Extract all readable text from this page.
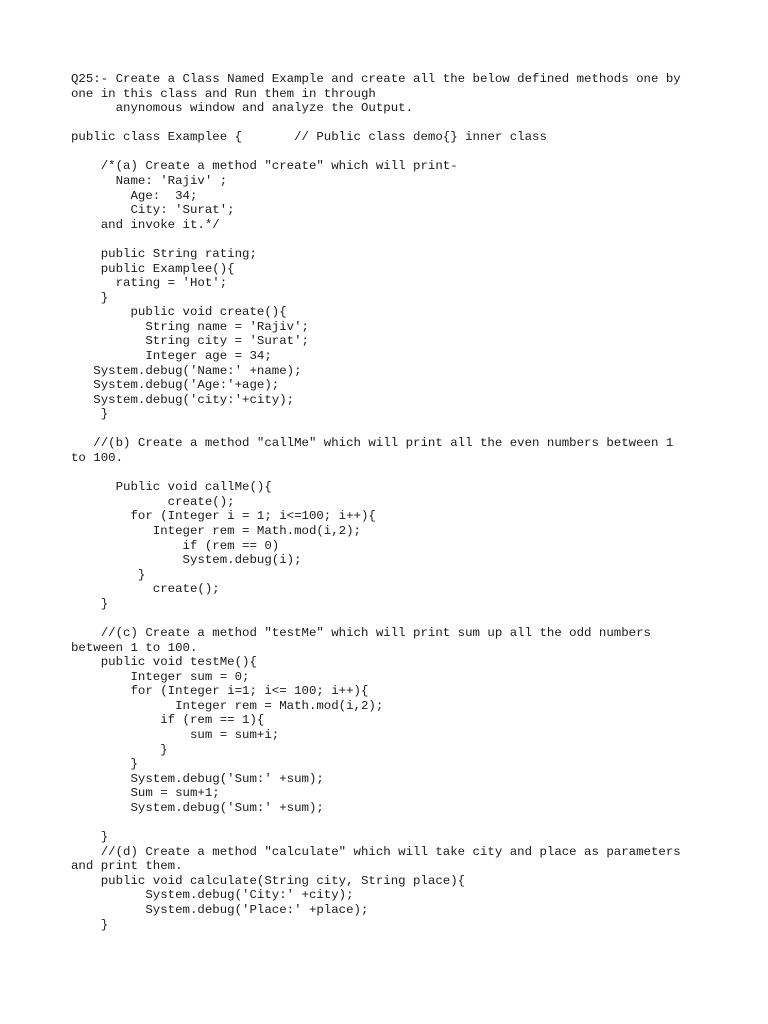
Q25:- Create a Class Named Example and create all the below defined methods one by
one in this class and Run them in through
anynomous window and analyze the Output.
public class Examplee {       // Public class demo{} inner class
/*(a) Create a method "create" which will print-
Name: 'Rajiv' ;
Age:  34;
City: 'Surat';
and invoke it.*/
public String rating;
public Examplee(){
rating = 'Hot';
}
public void create(){
String name = 'Rajiv';
String city = 'Surat';
Integer age = 34;
System.debug('Name:' +name);
System.debug('Age:'+age);
System.debug('city:'+city);
}
//(b) Create a method "callMe" which will print all the even numbers between 1
to 100.
Public void callMe(){
create();
for (Integer i = 1; i<=100; i++){
Integer rem = Math.mod(i,2);
if (rem == 0)
System.debug(i);
}
create();
}
//(c) Create a method "testMe" which will print sum up all the odd numbers
between 1 to 100.
public void testMe(){
Integer sum = 0;
for (Integer i=1; i<= 100; i++){
Integer rem = Math.mod(i,2);
if (rem == 1){
sum = sum+i;
}
}
System.debug('Sum:' +sum);
Sum = sum+1;
System.debug('Sum:' +sum);
}
//(d) Create a method "calculate" which will take city and place as parameters
and print them.
public void calculate(String city, String place){
System.debug('City:' +city);
System.debug('Place:' +place);
}
